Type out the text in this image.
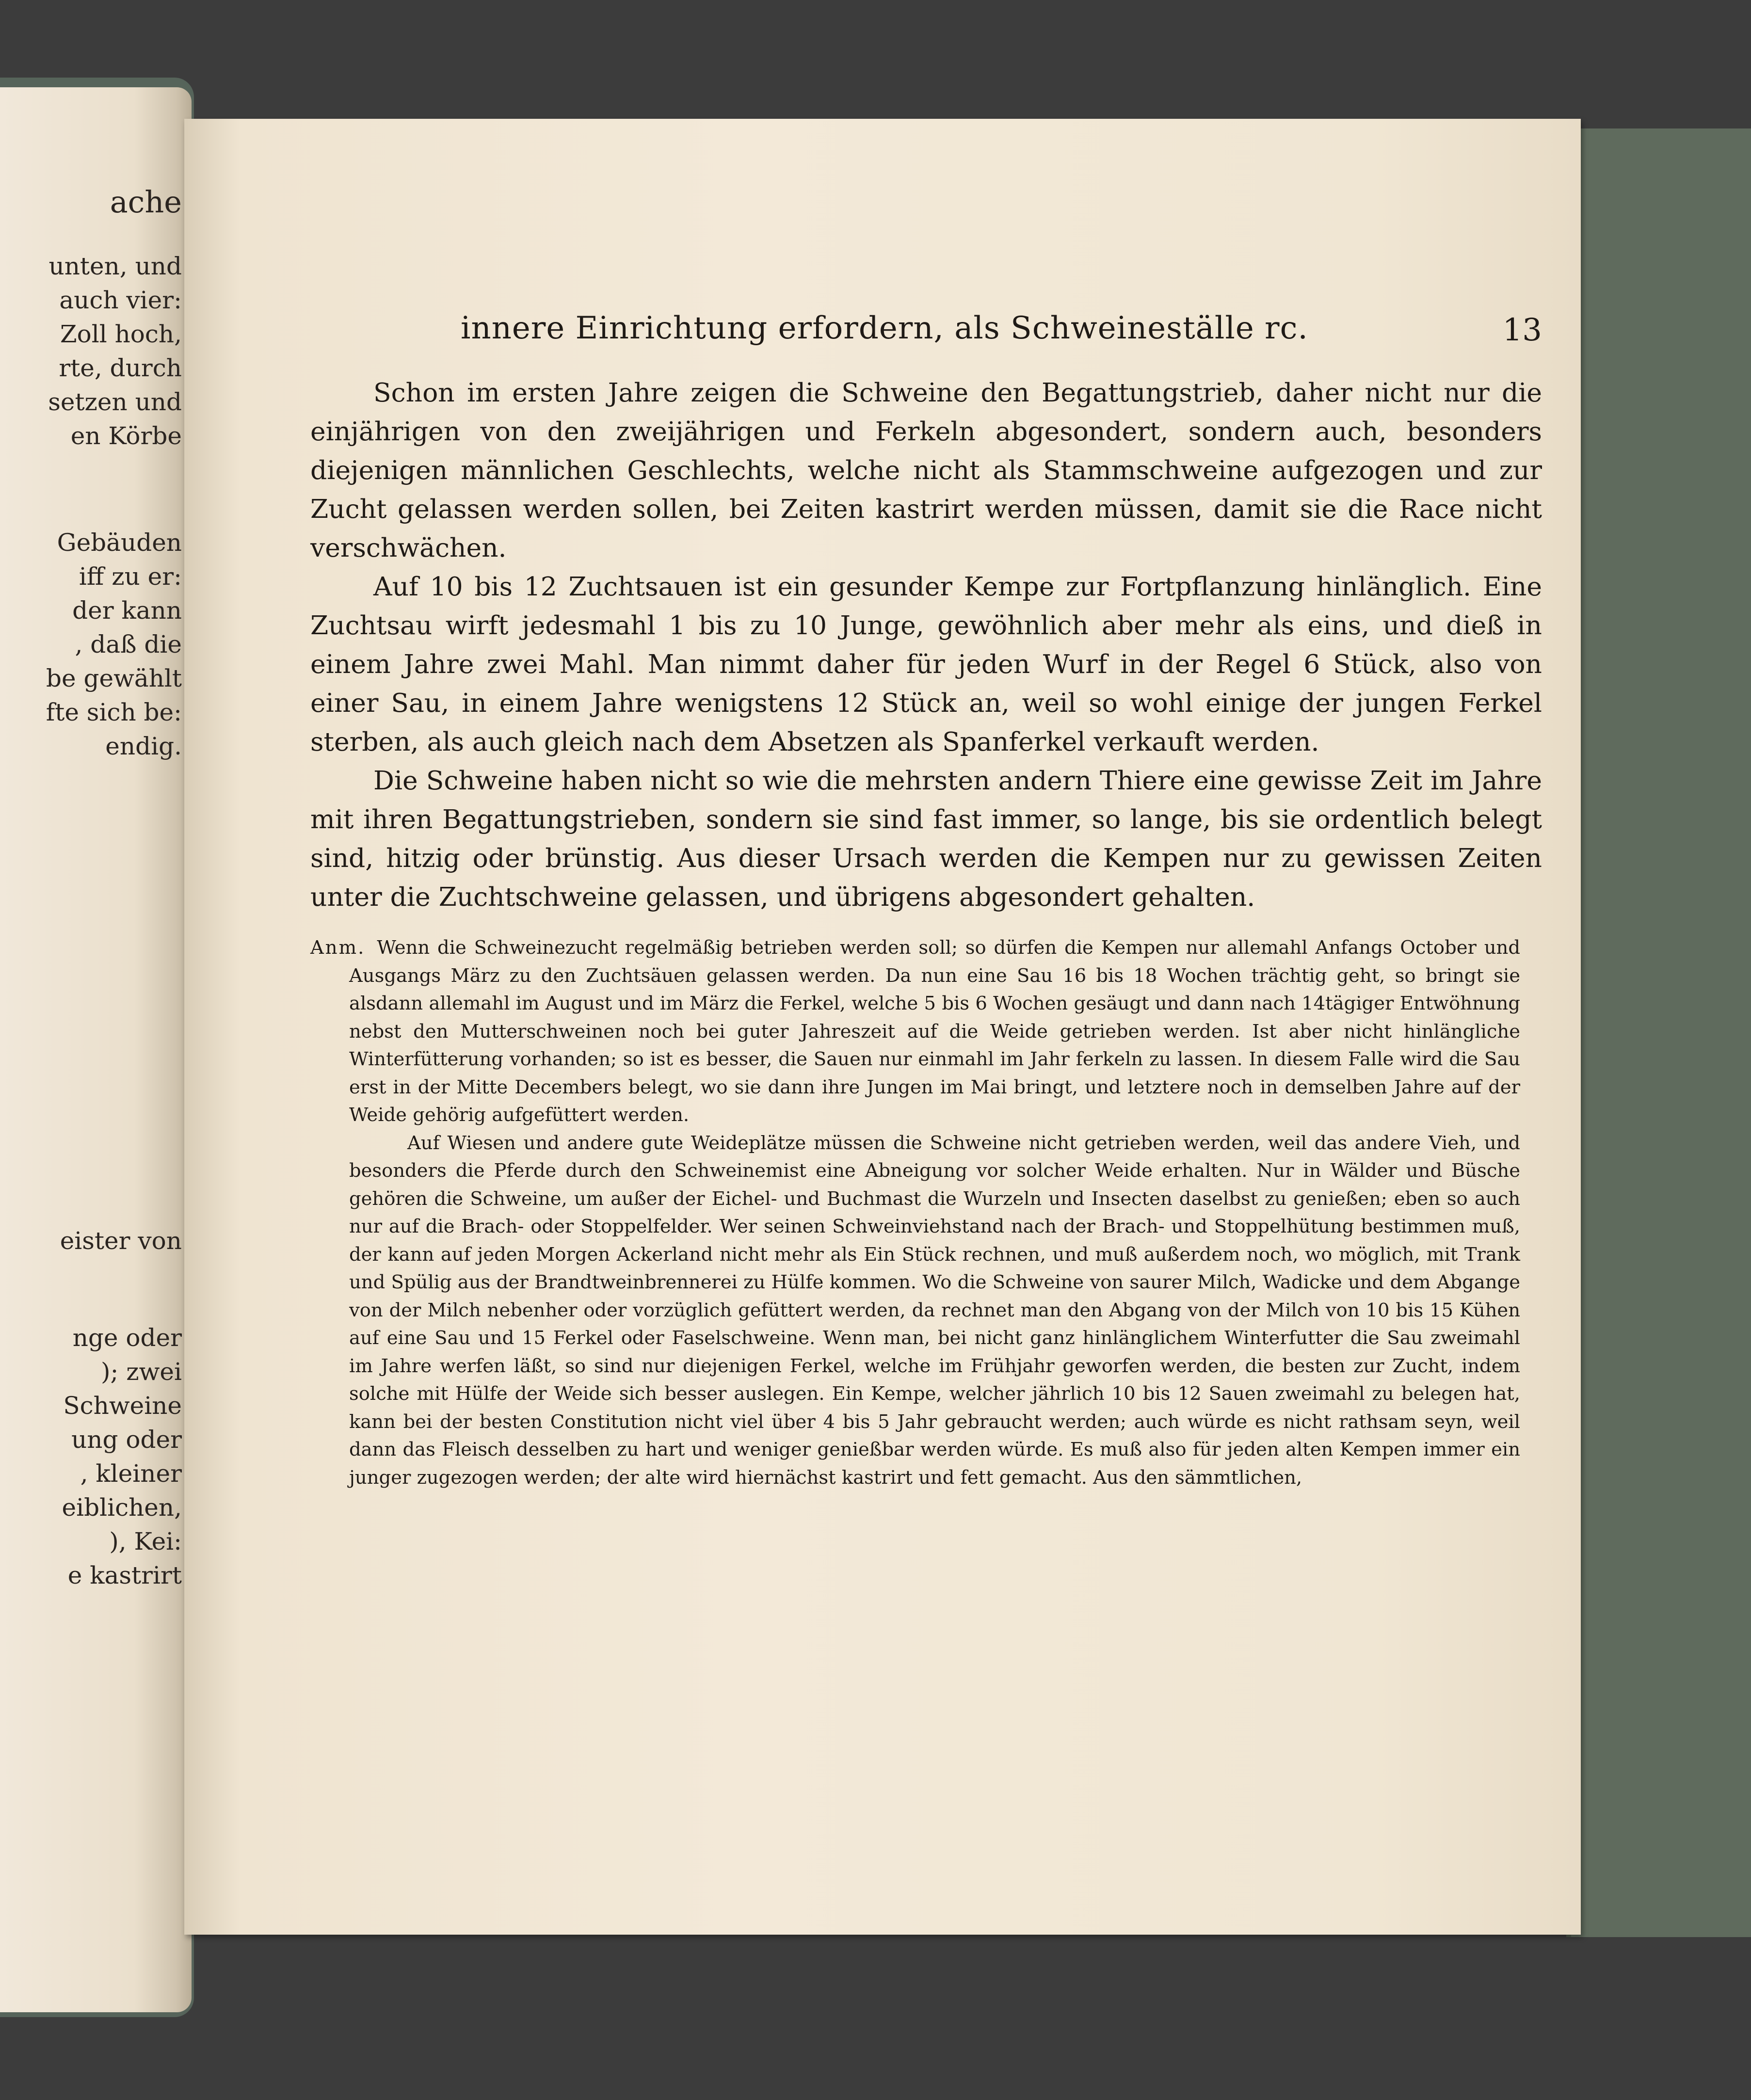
ache
unten, und
auch vier:
Zoll hoch,
rte, durch
setzen und
en Körbe
Gebäuden
iff zu er:
der kann
, daß die
be gewählt
fte sich be:
endig.
eister von
nge oder
); zwei
Schweine
ung oder
, kleiner
eiblichen,
), Kei:
e kastrirt
innere Einrichtung erfordern, als Schweineställe rc.	13

Schon im ersten Jahre zeigen die Schweine den Begattungstrieb, daher nicht nur die einjährigen von den zweijährigen und Ferkeln abgesondert, sondern auch, besonders diejenigen männlichen Geschlechts, welche nicht als Stammschweine aufgezogen und zur Zucht gelassen werden sollen, bei Zeiten kastrirt werden müssen, damit sie die Race nicht verschwächen.

Auf 10 bis 12 Zuchtsauen ist ein gesunder Kempe zur Fortpflanzung hinlänglich. Eine Zuchtsau wirft jedesmahl 1 bis zu 10 Junge, gewöhnlich aber mehr als eins, und dieß in einem Jahre zwei Mahl. Man nimmt daher für jeden Wurf in der Regel 6 Stück, also von einer Sau, in einem Jahre wenigstens 12 Stück an, weil so wohl einige der jungen Ferkel sterben, als auch gleich nach dem Absetzen als Spanferkel verkauft werden.

Die Schweine haben nicht so wie die mehrsten andern Thiere eine gewisse Zeit im Jahre mit ihren Begattungstrieben, sondern sie sind fast immer, so lange, bis sie ordentlich belegt sind, hitzig oder brünstig. Aus dieser Ursach werden die Kempen nur zu gewissen Zeiten unter die Zuchtschweine gelassen, und übrigens abgesondert gehalten.

Anm. Wenn die Schweinezucht regelmäßig betrieben werden soll; so dürfen die Kempen nur allemahl Anfangs October und Ausgangs März zu den Zuchtsäuen gelassen werden. Da nun eine Sau 16 bis 18 Wochen trächtig geht, so bringt sie alsdann allemahl im August und im März die Ferkel, welche 5 bis 6 Wochen gesäugt und dann nach 14tägiger Entwöhnung nebst den Mutterschweinen noch bei guter Jahreszeit auf die Weide getrieben werden. Ist aber nicht hinlängliche Winterfütterung vorhanden; so ist es besser, die Sauen nur einmahl im Jahr ferkeln zu lassen. In diesem Falle wird die Sau erst in der Mitte Decembers belegt, wo sie dann ihre Jungen im Mai bringt, und letztere noch in demselben Jahre auf der Weide gehörig aufgefüttert werden.

Auf Wiesen und andere gute Weideplätze müssen die Schweine nicht getrieben werden, weil das andere Vieh, und besonders die Pferde durch den Schweinemist eine Abneigung vor solcher Weide erhalten. Nur in Wälder und Büsche gehören die Schweine, um außer der Eichel- und Buchmast die Wurzeln und Insecten daselbst zu genießen; eben so auch nur auf die Brach- oder Stoppelfelder. Wer seinen Schweinviehstand nach der Brach- und Stoppelhütung bestimmen muß, der kann auf jeden Morgen Ackerland nicht mehr als Ein Stück rechnen, und muß außerdem noch, wo möglich, mit Trank und Spülig aus der Brandtweinbrennerei zu Hülfe kommen. Wo die Schweine von saurer Milch, Wadicke und dem Abgange von der Milch nebenher oder vorzüglich gefüttert werden, da rechnet man den Abgang von der Milch von 10 bis 15 Kühen auf eine Sau und 15 Ferkel oder Faselschweine. Wenn man, bei nicht ganz hinlänglichem Winterfutter die Sau zweimahl im Jahre werfen läßt, so sind nur diejenigen Ferkel, welche im Frühjahr geworfen werden, die besten zur Zucht, indem solche mit Hülfe der Weide sich besser auslegen. Ein Kempe, welcher jährlich 10 bis 12 Sauen zweimahl zu belegen hat, kann bei der besten Constitution nicht viel über 4 bis 5 Jahr gebraucht werden; auch würde es nicht rathsam seyn, weil dann das Fleisch desselben zu hart und weniger genießbar werden würde. Es muß also für jeden alten Kempen immer ein junger zugezogen werden; der alte wird hiernächst kastrirt und fett gemacht. Aus den sämmtlichen,
